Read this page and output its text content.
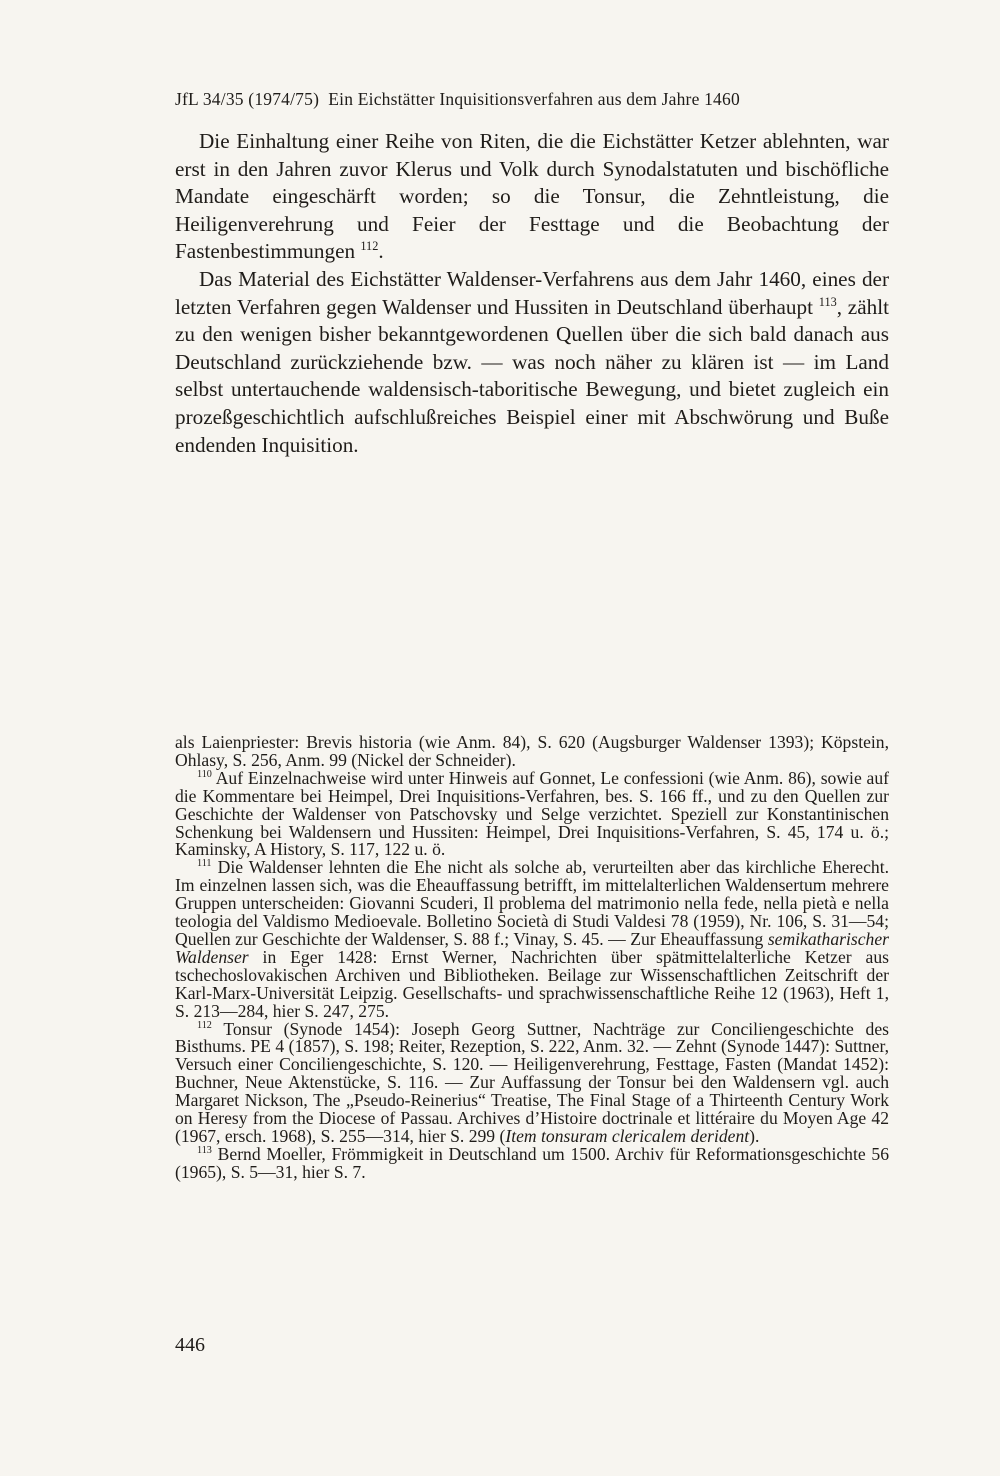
JfL 34/35 (1974/75) Ein Eichstätter Inquisitionsverfahren aus dem Jahre 1460

Die Einhaltung einer Reihe von Riten, die die Eichstätter Ketzer ablehnten, war erst in den Jahren zuvor Klerus und Volk durch Synodalstatuten und bischöfliche Mandate eingeschärft worden; so die Tonsur, die Zehntleistung, die Heiligenverehrung und Feier der Festtage und die Beobachtung der Fastenbestimmungen $^{112}$.

Das Material des Eichstätter Waldenser-Verfahrens aus dem Jahr 1460, eines der letzten Verfahren gegen Waldenser und Hussiten in Deutschland überhaupt $^{113}$, zählt zu den wenigen bisher bekanntgewordenen Quellen über die sich bald danach aus Deutschland zurückziehende bzw. — was noch näher zu klären ist — im Land selbst untertauchende waldensisch-taboritische Bewegung, und bietet zugleich ein prozeßgeschichtlich aufschlußreiches Beispiel einer mit Abschwörung und Buße endenden Inquisition.

als Laienpriester: Brevis historia (wie Anm. 84), S. 620 (Augsburger Waldenser 1393); Köpstein, Ohlasy, S. 256, Anm. 99 (Nickel der Schneider).

$^{110}$ Auf Einzelnachweise wird unter Hinweis auf Gonnet, Le confessioni (wie Anm. 86), sowie auf die Kommentare bei Heimpel, Drei Inquisitions-Verfahren, bes. S. 166 ff., und zu den Quellen zur Geschichte der Waldenser von Patschovsky und Selge verzichtet. Speziell zur Konstantinischen Schenkung bei Waldensern und Hussiten: Heimpel, Drei Inquisitions-Verfahren, S. 45, 174 u. ö.; Kaminsky, A History, S. 117, 122 u. ö.

$^{111}$ Die Waldenser lehnten die Ehe nicht als solche ab, verurteilten aber das kirchliche Eherecht. Im einzelnen lassen sich, was die Eheauffassung betrifft, im mittelalterlichen Waldensertum mehrere Gruppen unterscheiden: Giovanni Scuderi, Il problema del matrimonio nella fede, nella pietà e nella teologia del Valdismo Medioevale. Bolletino Società di Studi Valdesi 78 (1959), Nr. 106, S. 31—54; Quellen zur Geschichte der Waldenser, S. 88 f.; Vinay, S. 45. — Zur Eheauffassung semikatharischer Waldenser in Eger 1428: Ernst Werner, Nachrichten über spätmittelalterliche Ketzer aus tschechoslovakischen Archiven und Bibliotheken. Beilage zur Wissenschaftlichen Zeitschrift der Karl-Marx-Universität Leipzig. Gesellschafts- und sprachwissenschaftliche Reihe 12 (1963), Heft 1, S. 213—284, hier S. 247, 275.

$^{112}$ Tonsur (Synode 1454): Joseph Georg Suttner, Nachträge zur Conciliengeschichte des Bisthums. PE 4 (1857), S. 198; Reiter, Rezeption, S. 222, Anm. 32. — Zehnt (Synode 1447): Suttner, Versuch einer Conciliengeschichte, S. 120. — Heiligenverehrung, Festtage, Fasten (Mandat 1452): Buchner, Neue Aktenstücke, S. 116. — Zur Auffassung der Tonsur bei den Waldensern vgl. auch Margaret Nickson, The „Pseudo-Reinerius“ Treatise, The Final Stage of a Thirteenth Century Work on Heresy from the Diocese of Passau. Archives d’Histoire doctrinale et littéraire du Moyen Age 42 (1967, ersch. 1968), S. 255—314, hier S. 299 (Item tonsuram clericalem derident).

$^{113}$ Bernd Moeller, Frömmigkeit in Deutschland um 1500. Archiv für Reformationsgeschichte 56 (1965), S. 5—31, hier S. 7.

446
